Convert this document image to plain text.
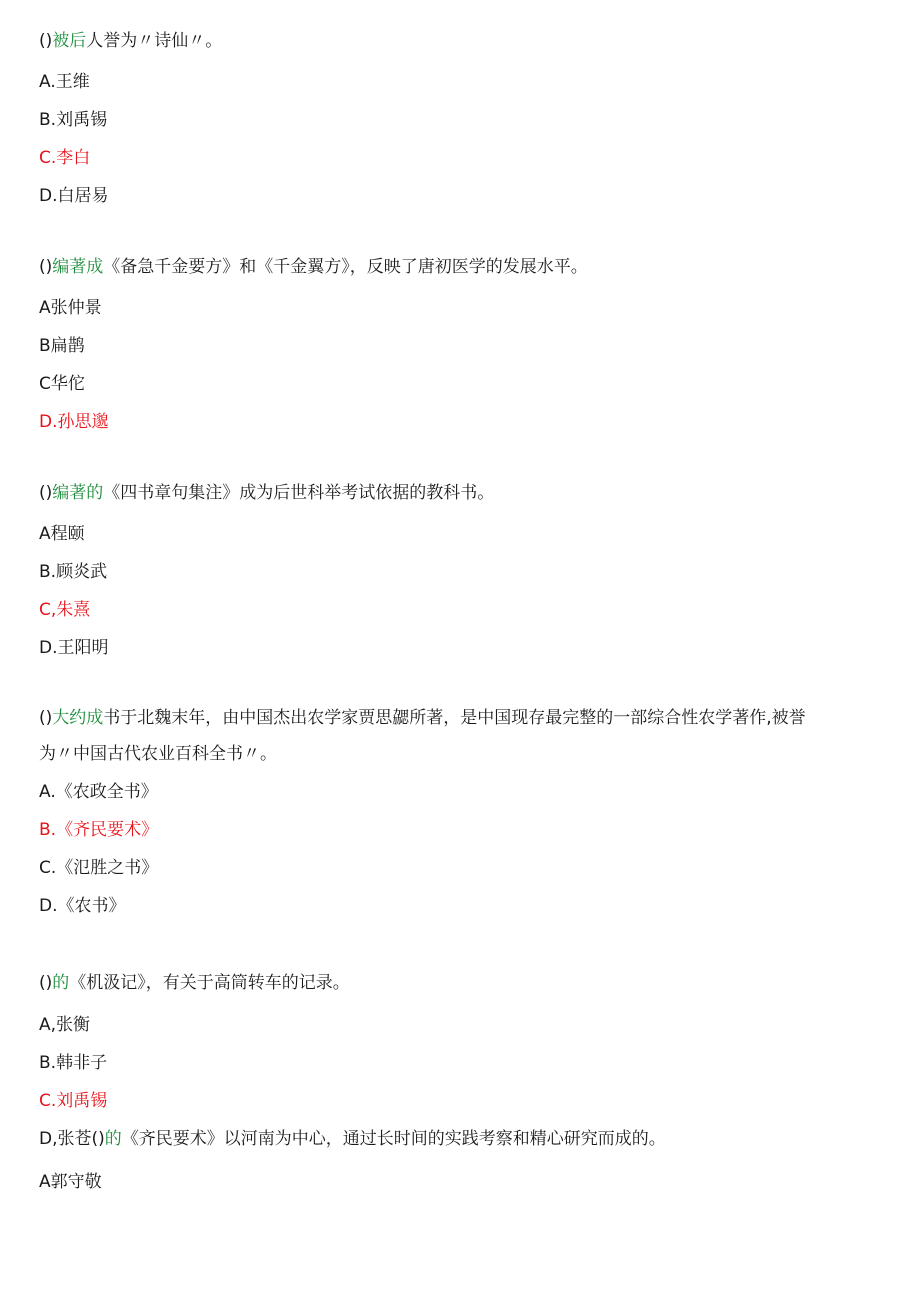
()被后人誉为〃诗仙〃。
A.王维
B.刘禹锡
C.李白
D.白居易
()编著成《备急千金要方》和《千金翼方》，反映了唐初医学的发展水平。
A张仲景
B扁鹊
C华佗
D.孙思邈
()编著的《四书章句集注》成为后世科举考试依据的教科书。
A程颐
B.顾炎武
C,朱熹
D.王阳明
()大约成书于北魏末年，由中国杰出农学家贾思勰所著，是中国现存最完整的一部综合性农学著作,被誉
为〃中国古代农业百科全书〃。
A.《农政全书》
B.《齐民要术》
C.《氾胜之书》
D.《农书》
()的《机汲记》，有关于高筒转车的记录。
A,张衡
B.韩非子
C.刘禹锡
D,张苍()的《齐民要术》以河南为中心，通过长时间的实践考察和精心研究而成的。
A郭守敬
